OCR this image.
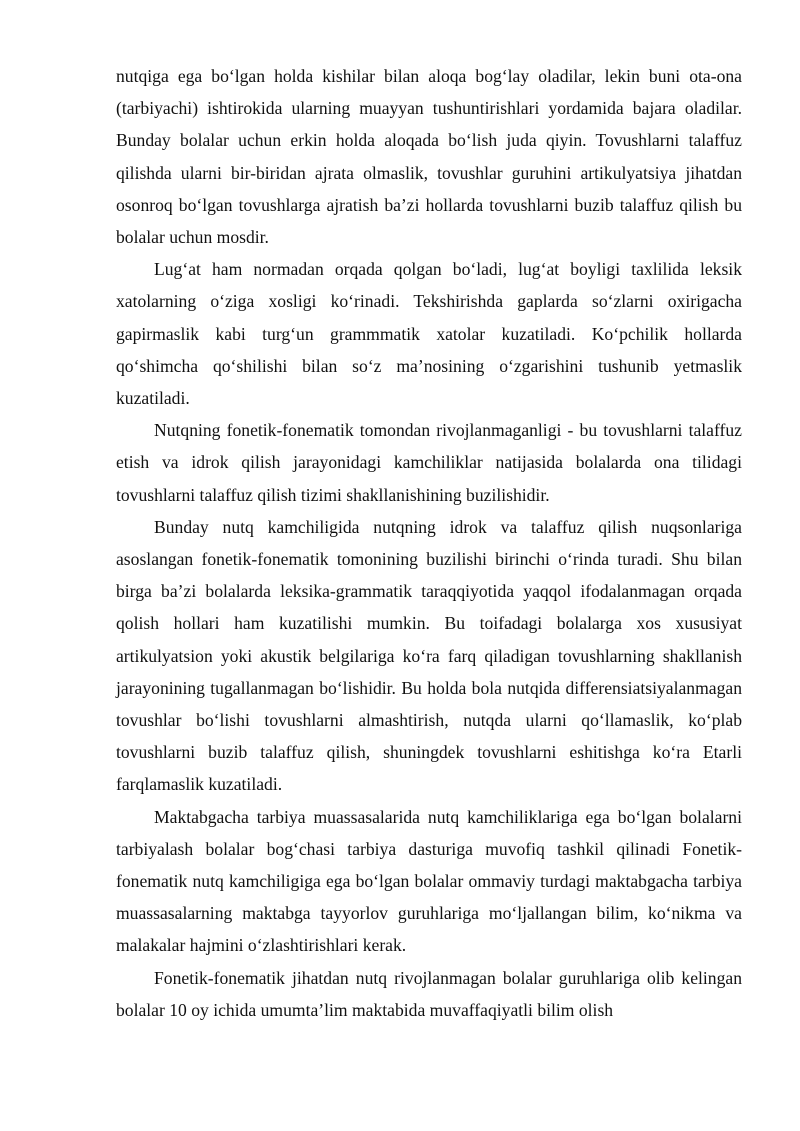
nutqiga ega bo‘lgan holda kishilar bilan aloqa bog‘lay oladilar, lekin buni ota-ona (tarbiyachi) ishtirokida ularning muayyan tushuntirishlari yordamida bajara oladilar. Bunday bolalar uchun erkin holda aloqada bo‘lish juda qiyin. Tovushlarni talaffuz qilishda ularni bir-biridan ajrata olmaslik, tovushlar guruhini artikulyatsiya jihatdan osonroq bo‘lgan tovushlarga ajratish ba’zi hollarda tovushlarni buzib talaffuz qilish bu bolalar uchun mosdir.

Lug‘at ham normadan orqada qolgan bo‘ladi, lug‘at boyligi taxlilida leksik xatolarning o‘ziga xosligi ko‘rinadi. Tekshirishda gaplarda so‘zlarni oxirigacha gapirmaslik kabi turg‘un grammmatik xatolar kuzatiladi. Ko‘pchilik hollarda qo‘shimcha qo‘shilishi bilan so‘z ma’nosining o‘zgarishini tushunib yetmaslik kuzatiladi.

Nutqning fonetik-fonematik tomondan rivojlanmaganligi - bu tovushlarni talaffuz etish va idrok qilish jarayonidagi kamchiliklar natijasida bolalarda ona tilidagi tovushlarni talaffuz qilish tizimi shakllanishining buzilishidir.

Bunday nutq kamchiligida nutqning idrok va talaffuz qilish nuqsonlariga asoslangan fonetik-fonematik tomonining buzilishi birinchi o‘rinda turadi. Shu bilan birga ba’zi bolalarda leksika-grammatik taraqqiyotida yaqqol ifodalanmagan orqada qolish hollari ham kuzatilishi mumkin. Bu toifadagi bolalarga xos xususiyat artikulyatsion yoki akustik belgilariga ko‘ra farq qiladigan tovushlarning shakllanish jarayonining tugallanmagan bo‘lishidir. Bu holda bola nutqida differensiatsiyalanmagan tovushlar bo‘lishi tovushlarni almashtirish, nutqda ularni qo‘llamaslik, ko‘plab tovushlarni buzib talaffuz qilish, shuningdek tovushlarni eshitishga ko‘ra Etarli farqlamaslik kuzatiladi.

Maktabgacha tarbiya muassasalarida nutq kamchiliklariga ega bo‘lgan bolalarni tarbiyalash bolalar bog‘chasi tarbiya dasturiga muvofiq tashkil qilinadi Fonetik- fonematik nutq kamchiligiga ega bo‘lgan bolalar ommaviy turdagi maktabgacha tarbiya muassasalarning maktabga tayyorlov guruhlariga mo‘ljallangan bilim, ko‘nikma va malakalar hajmini o‘zlashtirishlari kerak.

Fonetik-fonematik jihatdan nutq rivojlanmagan bolalar guruhlariga olib kelingan bolalar 10 oy ichida umumta’lim maktabida muvaffaqiyatli bilim olish
